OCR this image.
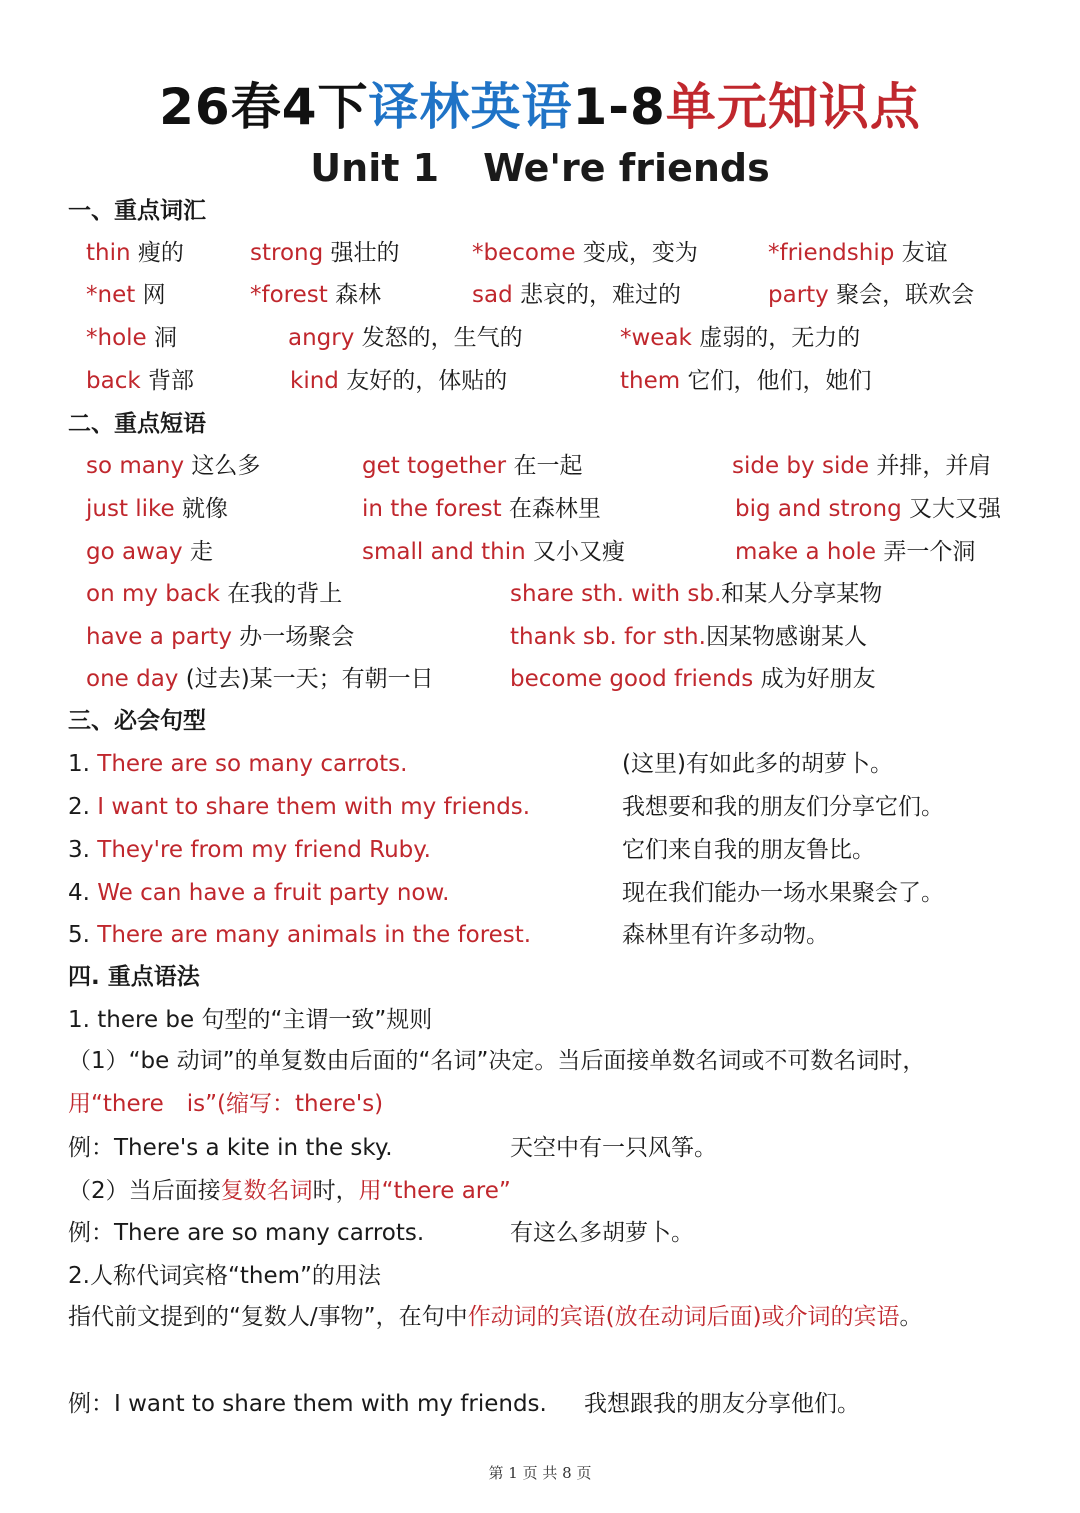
26春4下译林英语1-8单元知识点
Unit 1 We're friends
一、重点词汇
thin 瘦的	strong 强壮的	*become 变成，变为	*friendship 友谊
*net 网	*forest 森林	sad 悲哀的，难过的	party 聚会，联欢会
*hole 洞	angry 发怒的，生气的	*weak 虚弱的，无力的
back 背部	kind 友好的，体贴的	them 它们，他们，她们
二、重点短语
so many 这么多	get together 在一起	side by side 并排，并肩
just like 就像	in the forest 在森林里	big and strong 又大又强
go away 走	small and thin 又小又瘦	make a hole 弄一个洞
on my back 在我的背上	share sth. with sb.和某人分享某物
have a party 办一场聚会	thank sb. for sth.因某物感谢某人
one day (过去)某一天；有朝一日	become good friends 成为好朋友
三、必会句型
1. There are so many carrots.	(这里)有如此多的胡萝卜。
2. I want to share them with my friends.	我想要和我的朋友们分享它们。
3. They're from my friend Ruby.	它们来自我的朋友鲁比。
4. We can have a fruit party now.	现在我们能办一场水果聚会了。
5. There are many animals in the forest.	森林里有许多动物。
四. 重点语法
1. there be 句型的“主谓一致”规则
（1）“be 动词”的单复数由后面的“名词”决定。当后面接单数名词或不可数名词时，用“there　is”(缩写：there's)
例：There's a kite in the sky.	天空中有一只风筝。
（2）当后面接复数名词时，用“there are”
例：There are so many carrots.	有这么多胡萝卜。
2.人称代词宾格“them”的用法
指代前文提到的“复数人/事物”，在句中作动词的宾语(放在动词后面)或介词的宾语。
例：I want to share them with my friends. 我想跟我的朋友分享他们。
第 1 页 共 8 页
